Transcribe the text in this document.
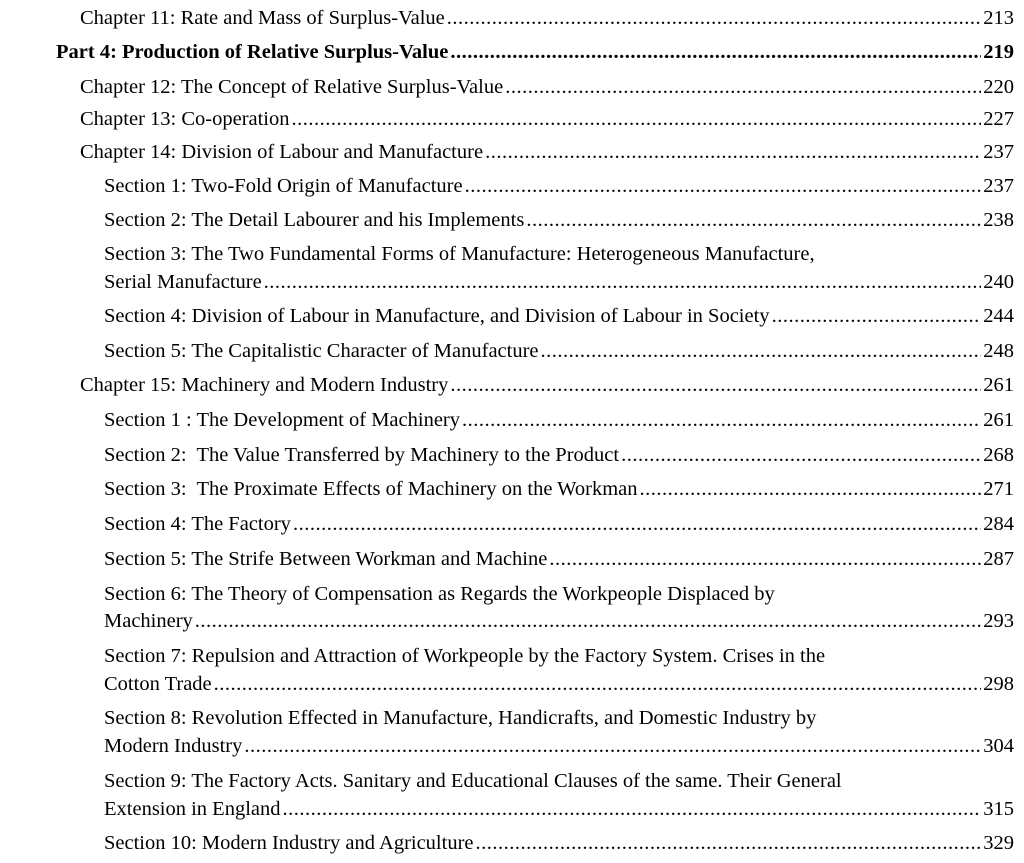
Chapter 11: Rate and Mass of Surplus-Value .....	213
Part 4: Production of Relative Surplus-Value .....	219
Chapter 12: The Concept of Relative Surplus-Value .....	220
Chapter 13: Co-operation .....	227
Chapter 14: Division of Labour and Manufacture .....	237
Section 1: Two-Fold Origin of Manufacture .....	237
Section 2: The Detail Labourer and his Implements .....	238
Section 3: The Two Fundamental Forms of Manufacture: Heterogeneous Manufacture,
Serial Manufacture .....	240
Section 4: Division of Labour in Manufacture, and Division of Labour in Society .....	244
Section 5: The Capitalistic Character of Manufacture .....	248
Chapter 15: Machinery and Modern Industry .....	261
Section 1 : The Development of Machinery .....	261
Section 2:  The Value Transferred by Machinery to the Product .....	268
Section 3:  The Proximate Effects of Machinery on the Workman .....	271
Section 4: The Factory .....	284
Section 5: The Strife Between Workman and Machine .....	287
Section 6: The Theory of Compensation as Regards the Workpeople Displaced by
Machinery .....	293
Section 7: Repulsion and Attraction of Workpeople by the Factory System. Crises in the
Cotton Trade .....	298
Section 8: Revolution Effected in Manufacture, Handicrafts, and Domestic Industry by
Modern Industry .....	304
Section 9: The Factory Acts. Sanitary and Educational Clauses of the same. Their General
Extension in England .....	315
Section 10: Modern Industry and Agriculture .....	329
